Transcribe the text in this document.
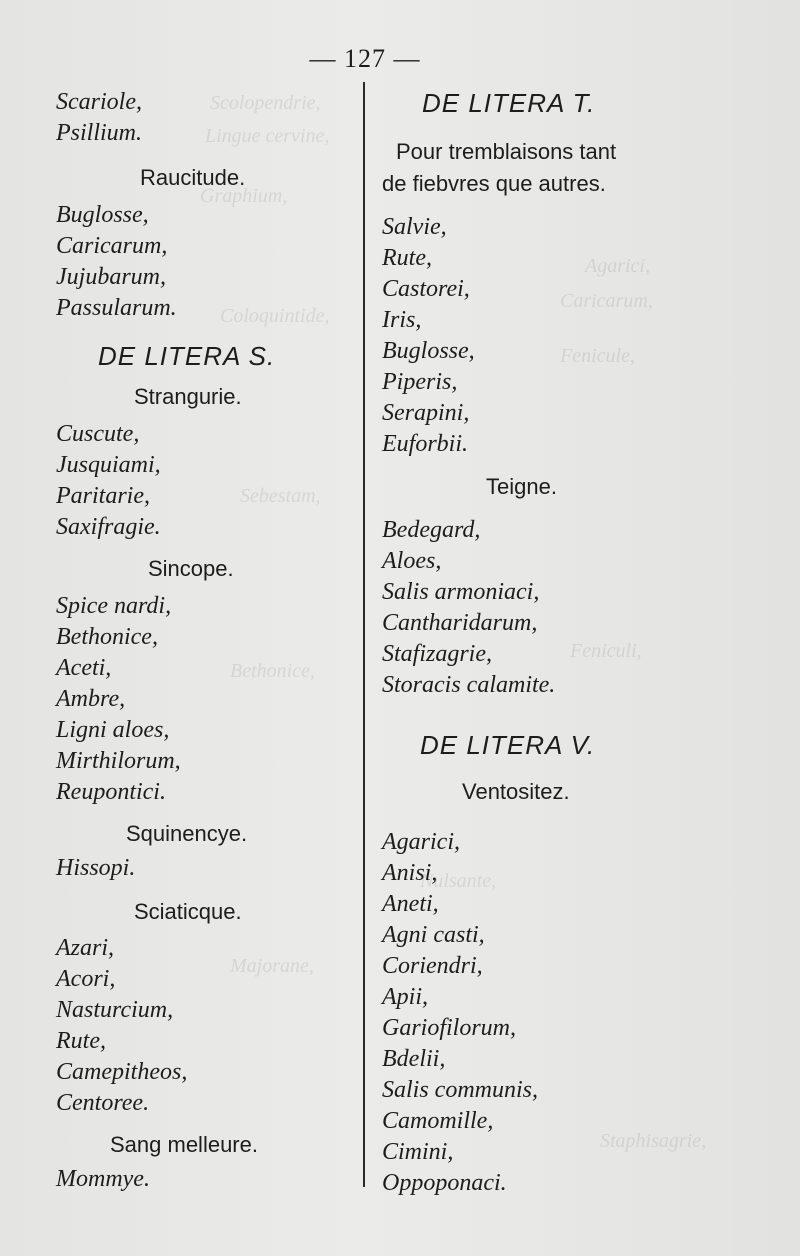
Scolopendrie,
Lingue cervine,
Graphium,
Agarici,
Caricarum,
Coloquintide,
Fenicule,
Sebestam,
Feniculi,
Bethonice,
Nulsante,
Majorane,
Staphisagrie,
— 127 —
Scariole,
Psillium.
Raucitude.
Buglosse,
Caricarum,
Jujubarum,
Passularum.
DE LITERA S.
Strangurie.
Cuscute,
Jusquiami,
Paritarie,
Saxifragie.
Sincope.
Spice nardi,
Bethonice,
Aceti,
Ambre,
Ligni aloes,
Mirthilorum,
Reupontici.
Squinencye.
Hissopi.
Sciaticque.
Azari,
Acori,
Nasturcium,
Rute,
Camepitheos,
Centoree.
Sang melleure.
Mommye.
DE LITERA T.
Pour tremblaisons tant
de fiebvres que autres.
Salvie,
Rute,
Castorei,
Iris,
Buglosse,
Piperis,
Serapini,
Euforbii.
Teigne.
Bedegard,
Aloes,
Salis armoniaci,
Cantharidarum,
Stafizagrie,
Storacis calamite.
DE LITERA V.
Ventositez.
Agarici,
Anisi,
Aneti,
Agni casti,
Coriendri,
Apii,
Gariofilorum,
Bdelii,
Salis communis,
Camomille,
Cimini,
Oppoponaci.
